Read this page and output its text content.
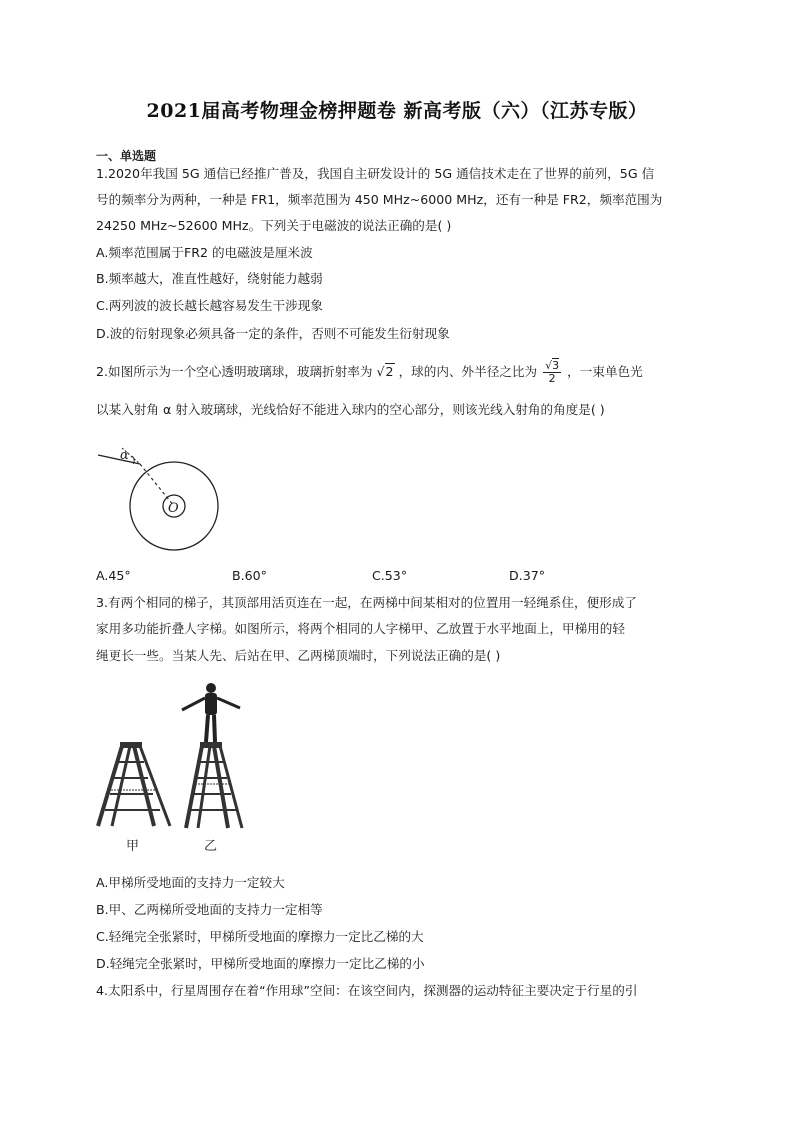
2021届高考物理金榜押题卷 新高考版（六）（江苏专版）
一、单选题
1.2020年我国 5G 通信已经推广普及，我国自主研发设计的 5G 通信技术走在了世界的前列，5G 信
号的频率分为两种，一种是 FR1，频率范围为 450 MHz~6000 MHz，还有一种是 FR2，频率范围为
24250 MHz~52600 MHz。下列关于电磁波的说法正确的是( )
A.频率范围属于FR2 的电磁波是厘米波
B.频率越大，准直性越好，绕射能力越弱
C.两列波的波长越长越容易发生干涉现象
D.波的衍射现象必须具备一定的条件，否则不可能发生衍射现象
2.如图所示为一个空心透明玻璃球，玻璃折射率为 √2 ，球的内、外半径之比为 $\frac{√3}{2}$ ，一束单色光
以某入射角 α 射入玻璃球，光线恰好不能进入球内的空心部分，则该光线入射角的角度是( )
α
O
A.45°	B.60°	C.53°	D.37°
3.有两个相同的梯子，其顶部用活页连在一起，在两梯中间某相对的位置用一轻绳系住，便形成了
家用多功能折叠人字梯。如图所示，将两个相同的人字梯甲、乙放置于水平地面上，甲梯用的轻
绳更长一些。当某人先、后站在甲、乙两梯顶端时，下列说法正确的是( )
甲	乙
A.甲梯所受地面的支持力一定较大
B.甲、乙两梯所受地面的支持力一定相等
C.轻绳完全张紧时，甲梯所受地面的摩擦力一定比乙梯的大
D.轻绳完全张紧时，甲梯所受地面的摩擦力一定比乙梯的小
4.太阳系中，行星周围存在着“作用球”空间：在该空间内，探测器的运动特征主要决定于行星的引
